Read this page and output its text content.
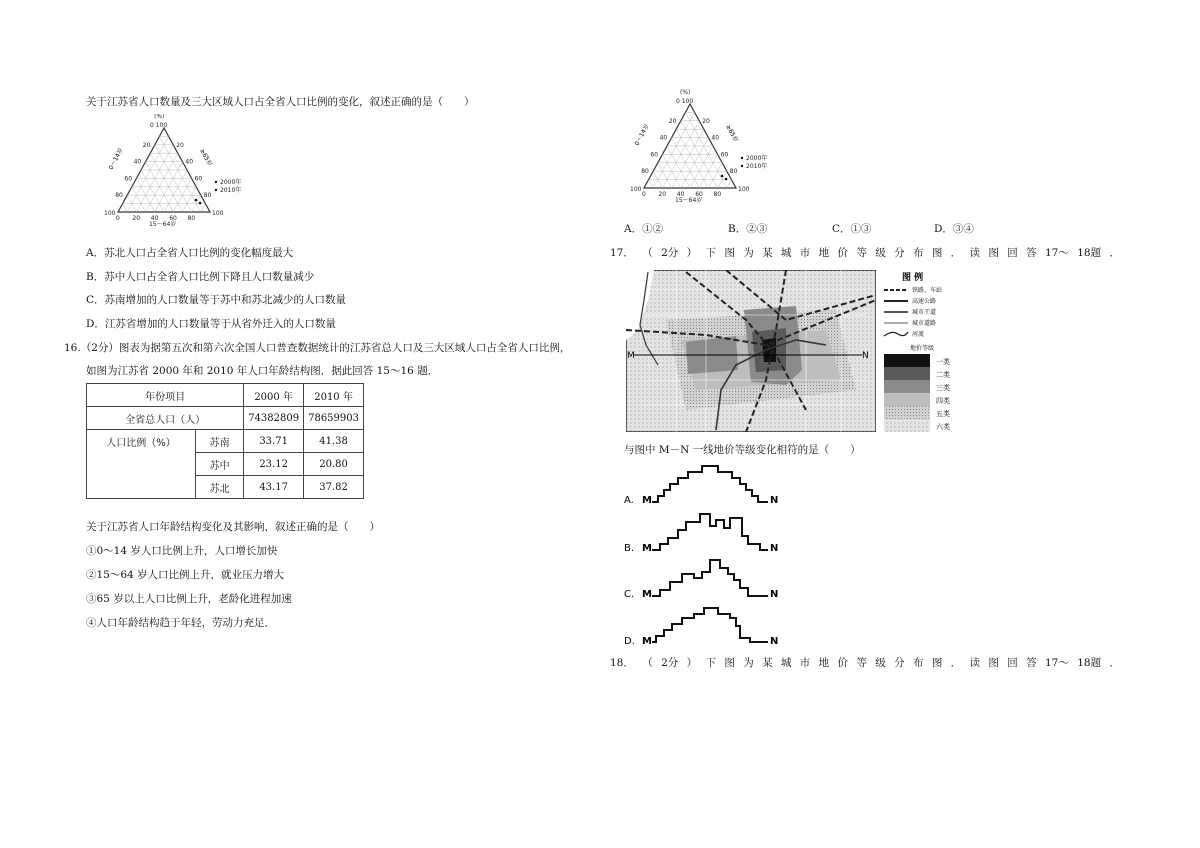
关于江苏省人口数量及三大区域人口占全省人口比例的变化，叙述正确的是（　　）
(%)
0 100
0～14岁	≥65岁
15～64岁
100	100
0
20	20
20
40	40
40
60	60
60
80	80
80
2000年
2010年
A．苏北人口占全省人口比例的变化幅度最大
B．苏中人口占全省人口比例下降且人口数量减少
C．苏南增加的人口数量等于苏中和苏北减少的人口数量
D．江苏省增加的人口数量等于从省外迁入的人口数量
16.（2分）图表为据第五次和第六次全国人口普查数据统计的江苏省总人口及三大区域人口占全省人口比例，
如图为江苏省 2000 年和 2010 年人口年龄结构图．据此回答 15～16 题．
年份项目		2000 年	2010 年
全省总人口（人）		74382809	78659903
人口比例（%）	苏南	33.71	41.38
	苏中	23.12	20.80
	苏北	43.17	37.82
关于江苏省人口年龄结构变化及其影响，叙述正确的是（　　）
①0～14 岁人口比例上升，人口增长加快
②15～64 岁人口比例上升，就业压力增大
③65 岁以上人口比例上升，老龄化进程加速
④人口年龄结构趋于年轻，劳动力充足．
(%)
0 100
0～14岁	≥65岁
15～64岁
100	100
0
20	20
20
40	40
40
60	60
60
80	80
80
2000年
2010年
A．①②	B．②③	C．①③	D．③④
17． （ 2分 ） 下 图 为 某 城 市 地 价 等 级 分 布 图 ． 读 图 回 答 17～ 18题 ．
M	N
图 例
铁路、车站
高速公路
城市干道
城市道路
河流
地价等级
一类
二类
三类
四类
五类
六类
与图中 M－N 一线地价等级变化相符的是（　　）
A. M	N
B. M	N
C. M	N
D. M	N
18． （ 2分 ） 下 图 为 某 城 市 地 价 等 级 分 布 图 ． 读 图 回 答 17～ 18题 ．
